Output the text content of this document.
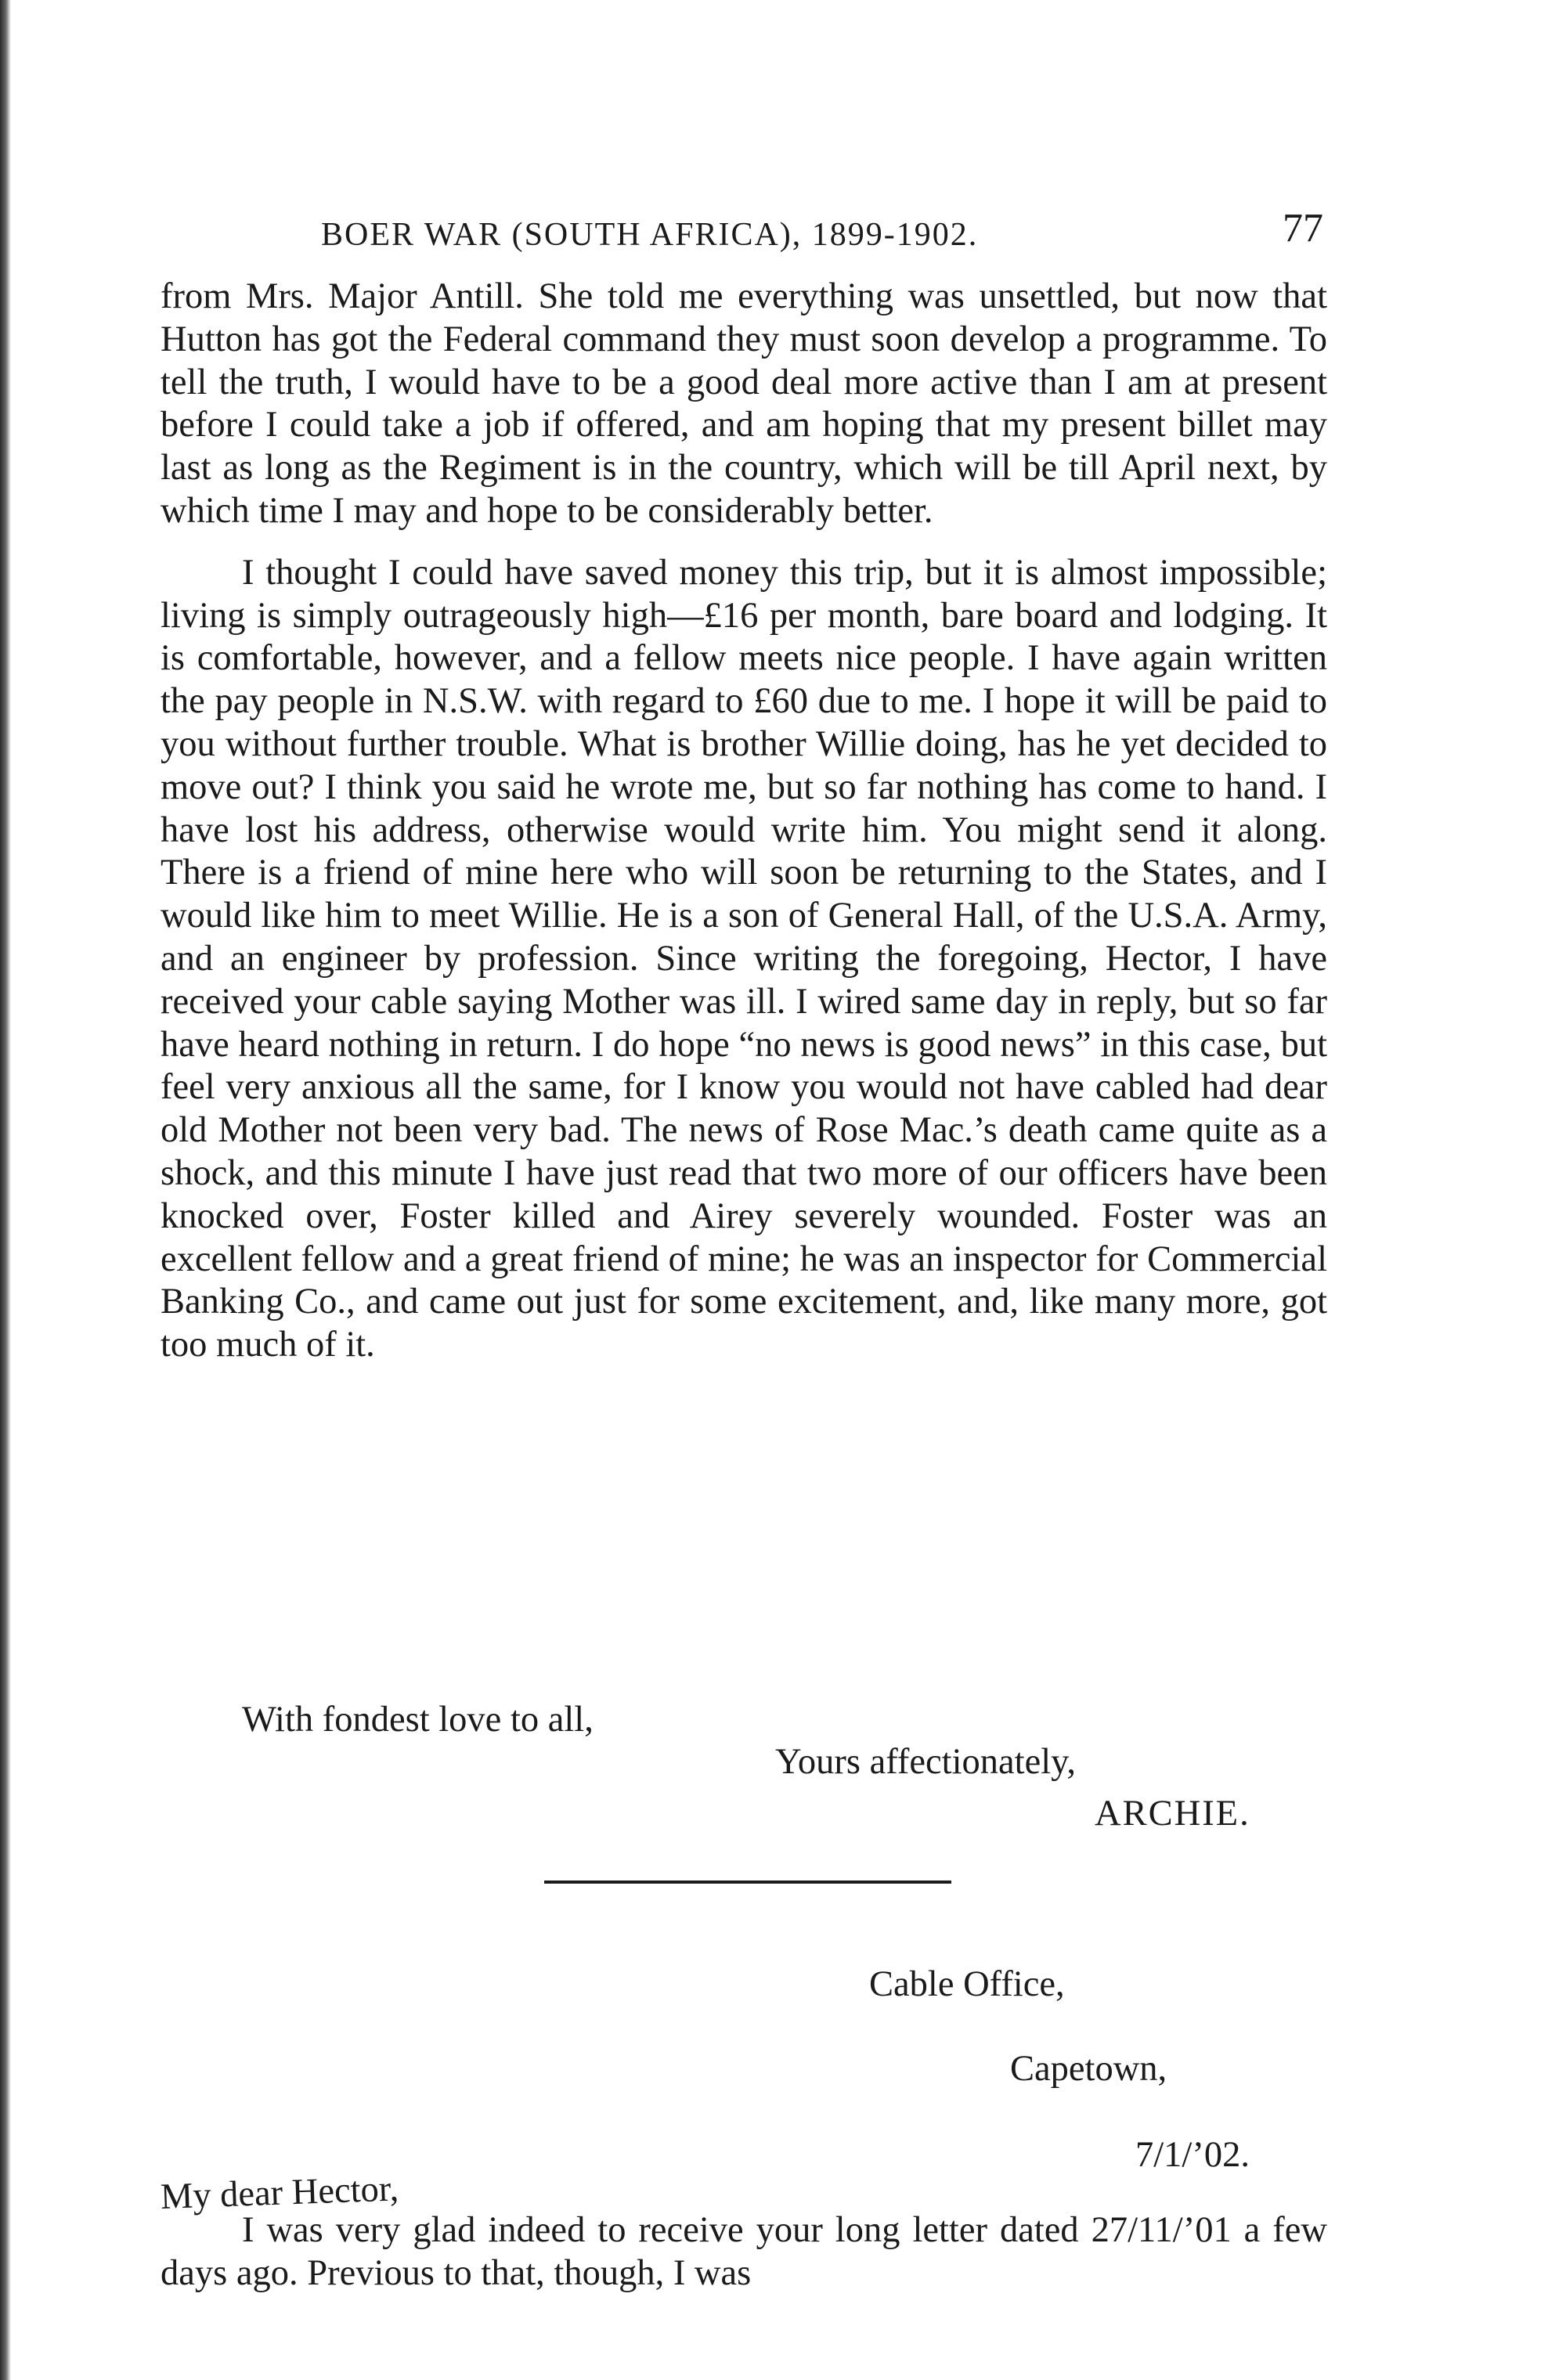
BOER WAR (SOUTH AFRICA), 1899-1902.	77

from Mrs. Major Antill. She told me everything was unsettled, but now that Hutton has got the Federal command they must soon develop a programme. To tell the truth, I would have to be a good deal more active than I am at present before I could take a job if offered, and am hoping that my present billet may last as long as the Regiment is in the country, which will be till April next, by which time I may and hope to be considerably better.

I thought I could have saved money this trip, but it is almost impossible; living is simply outrageously high—£16 per month, bare board and lodging. It is comfortable, however, and a fellow meets nice people. I have again written the pay people in N.S.W. with regard to £60 due to me. I hope it will be paid to you without further trouble. What is brother Willie doing, has he yet decided to move out? I think you said he wrote me, but so far nothing has come to hand. I have lost his address, otherwise would write him. You might send it along. There is a friend of mine here who will soon be returning to the States, and I would like him to meet Willie. He is a son of General Hall, of the U.S.A. Army, and an engineer by profession. Since writing the foregoing, Hector, I have received your cable saying Mother was ill. I wired same day in reply, but so far have heard nothing in return. I do hope “no news is good news” in this case, but feel very anxious all the same, for I know you would not have cabled had dear old Mother not been very bad. The news of Rose Mac.’s death came quite as a shock, and this minute I have just read that two more of our officers have been knocked over, Foster killed and Airey severely wounded. Foster was an excellent fellow and a great friend of mine; he was an inspector for Commercial Banking Co., and came out just for some excitement, and, like many more, got too much of it.

With fondest love to all,
Yours affectionately,
ARCHIE.
Cable Office,
Capetown,
7/1/’02.
My dear Hector,
I was very glad indeed to receive your long letter dated 27/11/’01 a few days ago. Previous to that, though, I was
